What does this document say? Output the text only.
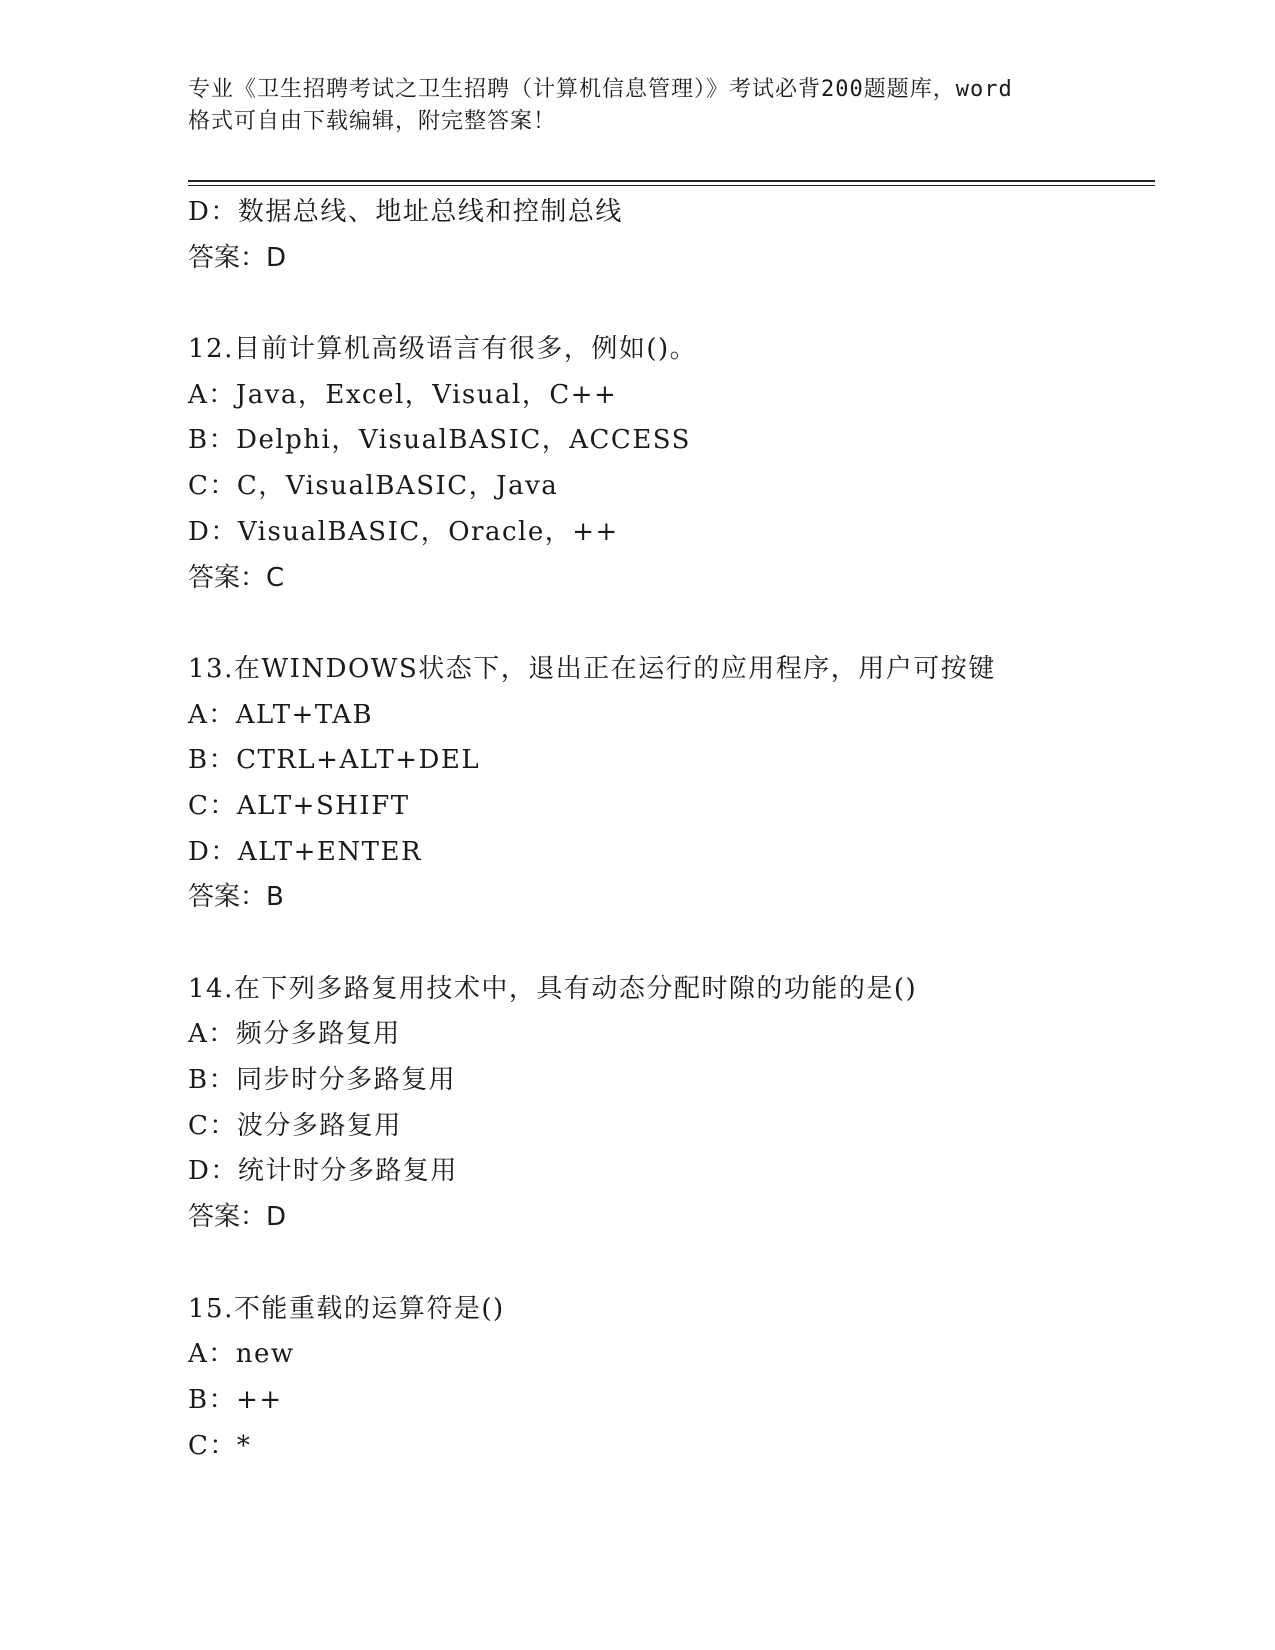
专业《卫生招聘考试之卫生招聘（计算机信息管理）》考试必背200题题库，word
格式可自由下载编辑，附完整答案！
D：数据总线、地址总线和控制总线
答案：D
12.目前计算机高级语言有很多，例如()。
A：Java，Excel，Visual，C++
B：Delphi，VisualBASIC，ACCESS
C：C，VisualBASIC，Java
D：VisualBASIC，Oracle，++
答案：C
13.在WINDOWS状态下，退出正在运行的应用程序，用户可按键
A：ALT+TAB
B：CTRL+ALT+DEL
C：ALT+SHIFT
D：ALT+ENTER
答案：B
14.在下列多路复用技术中，具有动态分配时隙的功能的是()
A：频分多路复用
B：同步时分多路复用
C：波分多路复用
D：统计时分多路复用
答案：D
15.不能重载的运算符是()
A：new
B：++
C：*
